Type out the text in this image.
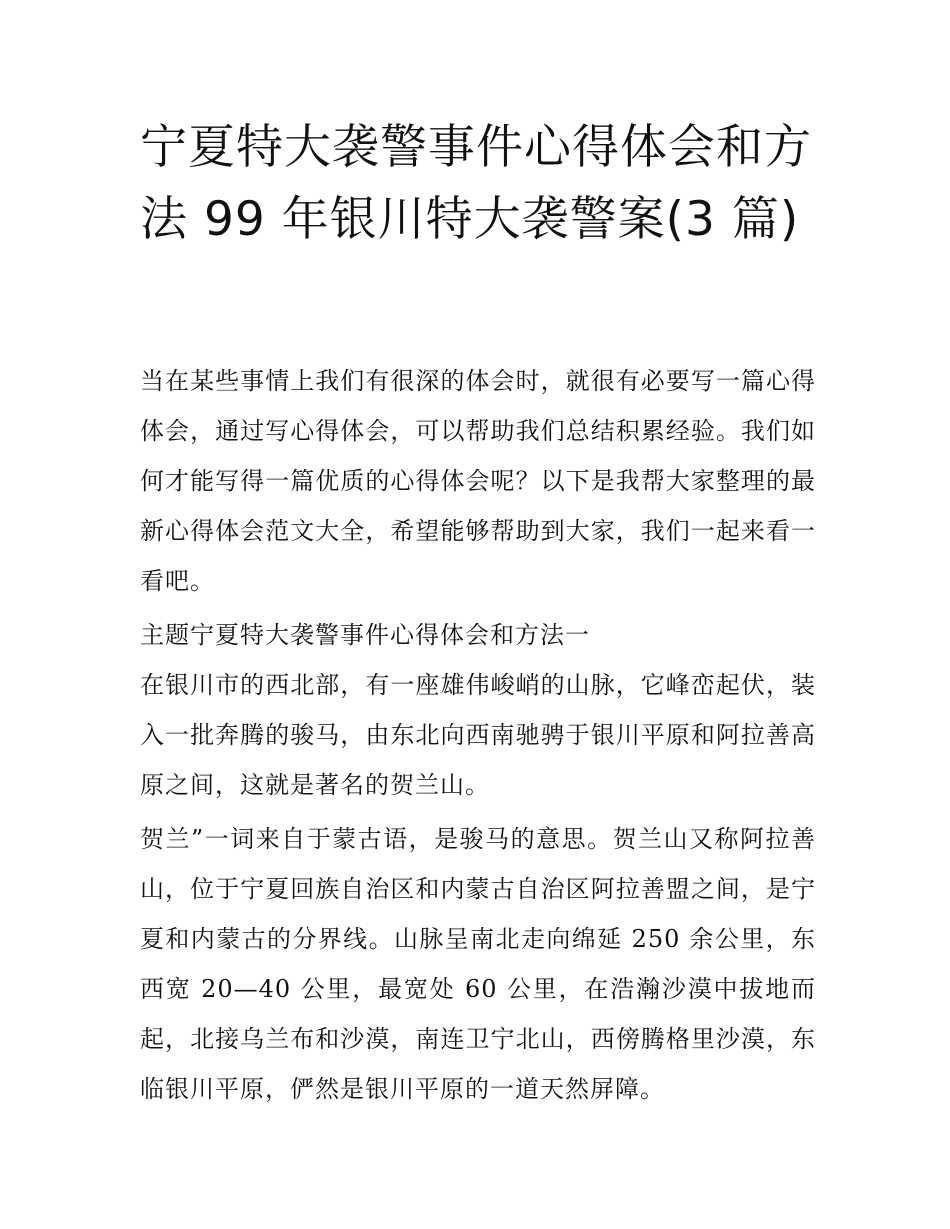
宁夏特大袭警事件心得体会和方法 99 年银川特大袭警案(3 篇)

当在某些事情上我们有很深的体会时，就很有必要写一篇心得体会，通过写心得体会，可以帮助我们总结积累经验。我们如何才能写得一篇优质的心得体会呢？以下是我帮大家整理的最新心得体会范文大全，希望能够帮助到大家，我们一起来看一看吧。

主题宁夏特大袭警事件心得体会和方法一

在银川市的西北部，有一座雄伟峻峭的山脉，它峰峦起伏，装入一批奔腾的骏马，由东北向西南驰骋于银川平原和阿拉善高原之间，这就是著名的贺兰山。

贺兰”一词来自于蒙古语，是骏马的意思。贺兰山又称阿拉善山，位于宁夏回族自治区和内蒙古自治区阿拉善盟之间，是宁夏和内蒙古的分界线。山脉呈南北走向绵延 250 余公里，东西宽 20—40 公里，最宽处 60 公里，在浩瀚沙漠中拔地而起，北接乌兰布和沙漠，南连卫宁北山，西傍腾格里沙漠，东临银川平原，俨然是银川平原的一道天然屏障。
